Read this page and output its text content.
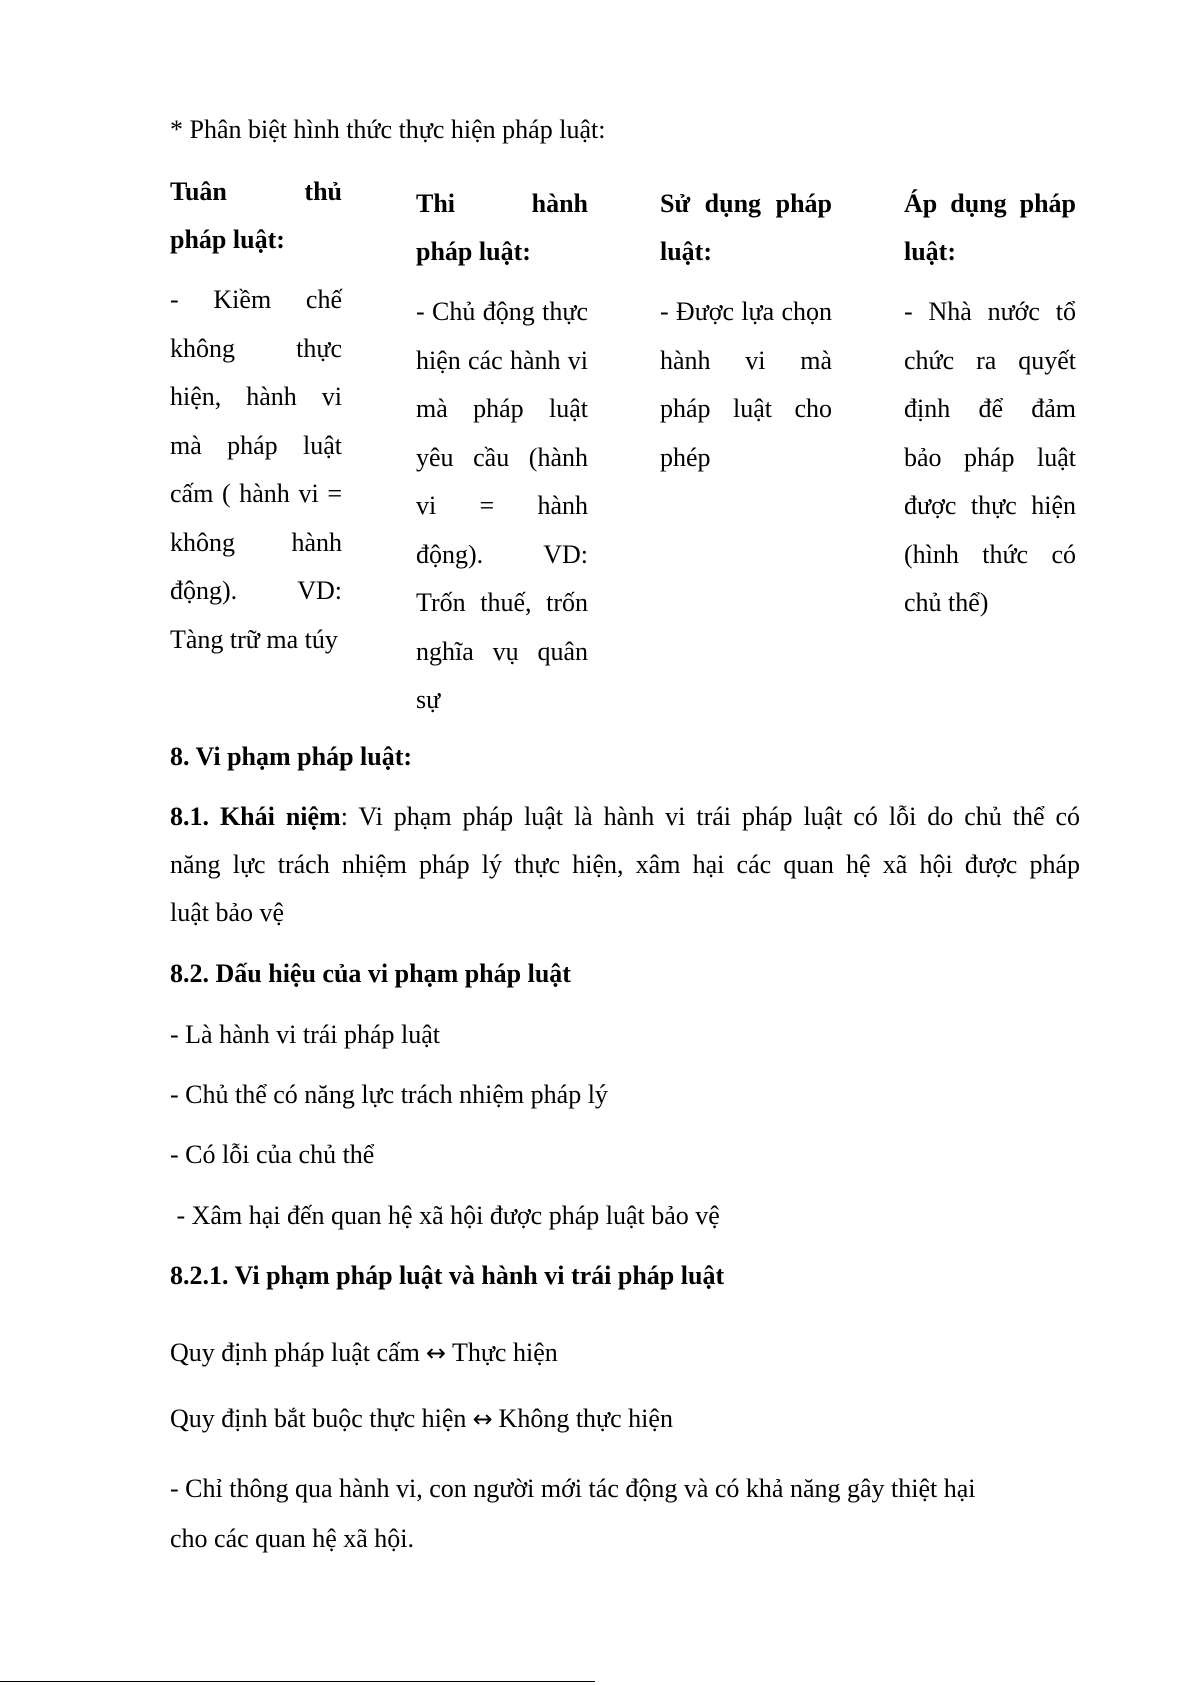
* Phân biệt hình thức thực hiện pháp luật:
Tuân thủ
pháp luật:
- Kiềm chế không thực hiện, hành vi mà pháp luật cấm ( hành vi = không hành động). VD: Tàng trữ ma túy
Thi hành
pháp luật:
- Chủ động thực hiện các hành vi mà pháp luật yêu cầu (hành vi = hành động). VD: Trốn thuế, trốn nghĩa vụ quân sự
Sử dụng pháp
luật:
- Được lựa chọn hành vi mà pháp luật cho phép
Áp dụng pháp
luật:
- Nhà nước tổ chức ra quyết định để đảm bảo pháp luật được thực hiện (hình thức có chủ thể)
8. Vi phạm pháp luật:
8.1. Khái niệm: Vi phạm pháp luật là hành vi trái pháp luật có lỗi do chủ thể có
năng lực trách nhiệm pháp lý thực hiện, xâm hại các quan hệ xã hội được pháp
luật bảo vệ
8.2. Dấu hiệu của vi phạm pháp luật
- Là hành vi trái pháp luật
- Chủ thể có năng lực trách nhiệm pháp lý
- Có lỗi của chủ thể
- Xâm hại đến quan hệ xã hội được pháp luật bảo vệ
8.2.1. Vi phạm pháp luật và hành vi trái pháp luật
Quy định pháp luật cấm ↔ Thực hiện
Quy định bắt buộc thực hiện ↔ Không thực hiện
- Chỉ thông qua hành vi, con người mới tác động và có khả năng gây thiệt hại
cho các quan hệ xã hội.
